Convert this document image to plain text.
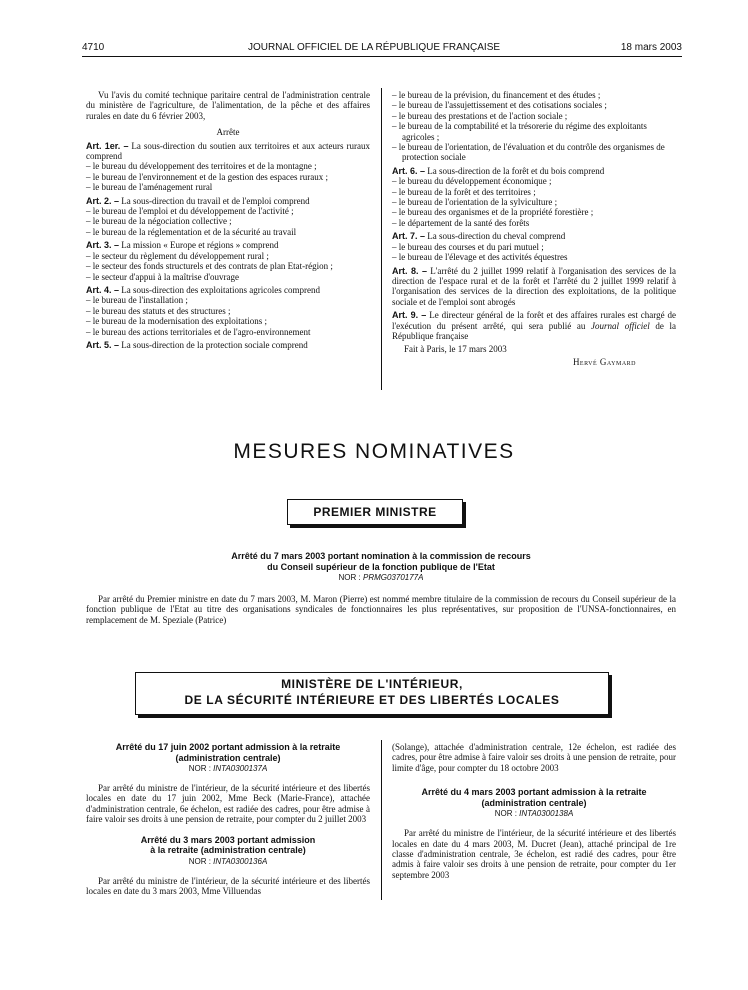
4710	JOURNAL OFFICIEL DE LA RÉPUBLIQUE FRANÇAISE	18 mars 2003

Vu l'avis du comité technique paritaire central de l'administration centrale du ministère de l'agriculture, de l'alimentation, de la pêche et des affaires rurales en date du 6 février 2003,

Arrête

Art. 1er. – La sous-direction du soutien aux territoires et aux acteurs ruraux comprend

– le bureau du développement des territoires et de la montagne ;

– le bureau de l'environnement et de la gestion des espaces ruraux ;

– le bureau de l'aménagement rural

Art. 2. – La sous-direction du travail et de l'emploi comprend

– le bureau de l'emploi et du développement de l'activité ;

– le bureau de la négociation collective ;

– le bureau de la réglementation et de la sécurité au travail

Art. 3. – La mission « Europe et régions » comprend

– le secteur du règlement du développement rural ;

– le secteur des fonds structurels et des contrats de plan Etat-région ;

– le secteur d'appui à la maîtrise d'ouvrage

Art. 4. – La sous-direction des exploitations agricoles comprend

– le bureau de l'installation ;

– le bureau des statuts et des structures ;

– le bureau de la modernisation des exploitations ;

– le bureau des actions territoriales et de l'agro-environnement

Art. 5. – La sous-direction de la protection sociale comprend

– le bureau de la prévision, du financement et des études ;

– le bureau de l'assujettissement et des cotisations sociales ;

– le bureau des prestations et de l'action sociale ;

– le bureau de la comptabilité et la trésorerie du régime des exploitants agricoles ;

– le bureau de l'orientation, de l'évaluation et du contrôle des organismes de protection sociale

Art. 6. – La sous-direction de la forêt et du bois comprend

– le bureau du développement économique ;

– le bureau de la forêt et des territoires ;

– le bureau de l'orientation de la sylviculture ;

– le bureau des organismes et de la propriété forestière ;

– le département de la santé des forêts

Art. 7. – La sous-direction du cheval comprend

– le bureau des courses et du pari mutuel ;

– le bureau de l'élevage et des activités équestres

Art. 8. – L'arrêté du 2 juillet 1999 relatif à l'organisation des services de la direction de l'espace rural et de la forêt et l'arrêté du 2 juillet 1999 relatif à l'organisation des services de la direction des exploitations, de la politique sociale et de l'emploi sont abrogés

Art. 9. – Le directeur général de la forêt et des affaires rurales est chargé de l'exécution du présent arrêté, qui sera publié au Journal officiel de la République française

Fait à Paris, le 17 mars 2003

Hervé Gaymard

MESURES NOMINATIVES
PREMIER MINISTRE

Arrêté du 7 mars 2003 portant nomination à la commission de recours

du Conseil supérieur de la fonction publique de l'Etat

NOR : PRMG0370177A

Par arrêté du Premier ministre en date du 7 mars 2003, M. Maron (Pierre) est nommé membre titulaire de la commission de recours du Conseil supérieur de la fonction publique de l'Etat au titre des organisations syndicales de fonctionnaires les plus représentatives, sur proposition de l'UNSA-fonctionnaires, en remplacement de M. Speziale (Patrice)

MINISTÈRE DE L'INTÉRIEUR,
DE LA SÉCURITÉ INTÉRIEURE ET DES LIBERTÉS LOCALES

Arrêté du 17 juin 2002 portant admission à la retraite

(administration centrale)

NOR : INTA0300137A

Par arrêté du ministre de l'intérieur, de la sécurité intérieure et des libertés locales en date du 17 juin 2002, Mme Beck (Marie-France), attachée d'administration centrale, 6e échelon, est radiée des cadres, pour être admise à faire valoir ses droits à une pension de retraite, pour compter du 2 juillet 2003

Arrêté du 3 mars 2003 portant admission

à la retraite (administration centrale)

NOR : INTA0300136A

Par arrêté du ministre de l'intérieur, de la sécurité intérieure et des libertés locales en date du 3 mars 2003, Mme Villuendas

(Solange), attachée d'administration centrale, 12e échelon, est radiée des cadres, pour être admise à faire valoir ses droits à une pension de retraite, pour limite d'âge, pour compter du 18 octobre 2003

Arrêté du 4 mars 2003 portant admission à la retraite

(administration centrale)

NOR : INTA0300138A

Par arrêté du ministre de l'intérieur, de la sécurité intérieure et des libertés locales en date du 4 mars 2003, M. Ducret (Jean), attaché principal de 1re classe d'administration centrale, 3e échelon, est radié des cadres, pour être admis à faire valoir ses droits à une pension de retraite, pour compter du 1er septembre 2003
